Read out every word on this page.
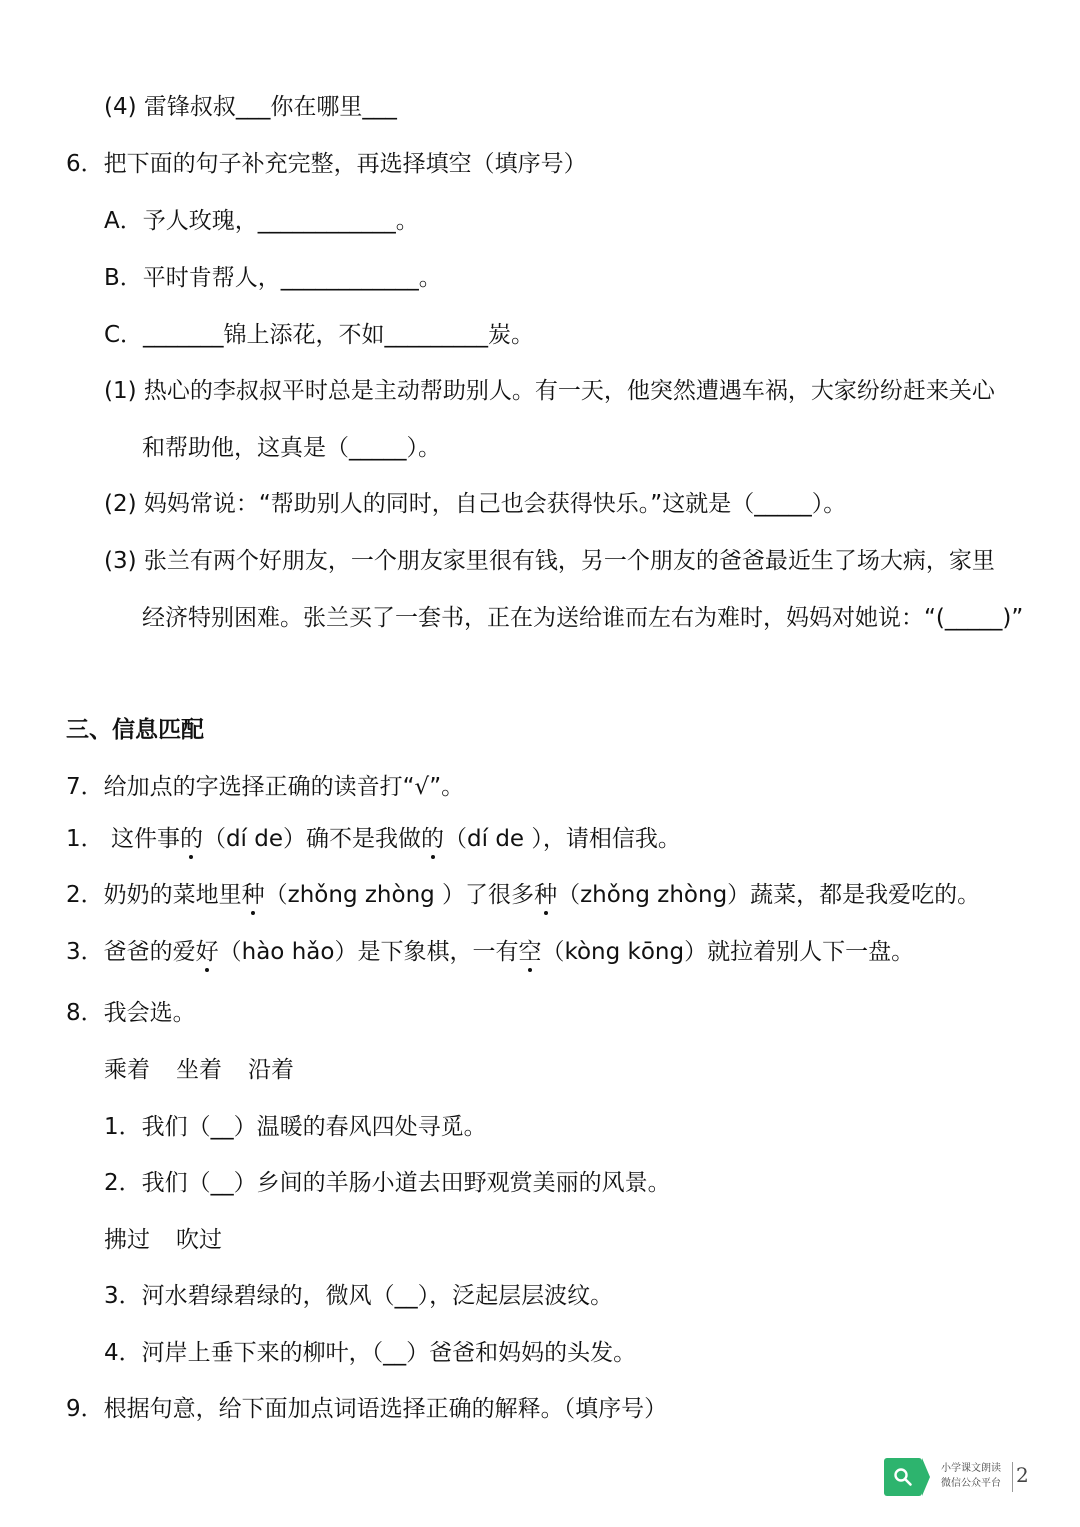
(4) 雷锋叔叔___你在哪里___
6．把下面的句子补充完整，再选择填空（填序号）
A．予人玫瑰，____________。
B．平时肯帮人，____________。
C．_______锦上添花，不如_________炭。
(1) 热心的李叔叔平时总是主动帮助别人。有一天，他突然遭遇车祸，大家纷纷赶来关心
和帮助他，这真是（_____）。
(2) 妈妈常说：“帮助别人的同时，自己也会获得快乐。”这就是（_____）。
(3) 张兰有两个好朋友，一个朋友家里很有钱，另一个朋友的爸爸最近生了场大病，家里
经济特别困难。张兰买了一套书，正在为送给谁而左右为难时，妈妈对她说：“(_____)”
三、信息匹配
7．给加点的字选择正确的读音打“√”。
1． 这件事的（dí de）确不是我做的（dí de ），请相信我。
2．奶奶的菜地里种（zhǒng zhòng ）了很多种（zhǒng zhòng）蔬菜，都是我爱吃的。
3．爸爸的爱好（hào hǎo）是下象棋，一有空（kòng kōng）就拉着别人下一盘。
8．我会选。
乘着 坐着 沿着
1．我们（__）温暖的春风四处寻觅。
2．我们（__）乡间的羊肠小道去田野观赏美丽的风景。
拂过 吹过
3．河水碧绿碧绿的，微风（__），泛起层层波纹。
4．河岸上垂下来的柳叶，（__）爸爸和妈妈的头发。
9．根据句意，给下面加点词语选择正确的解释。（填序号）
小学课文朗读
微信公众平台 2
